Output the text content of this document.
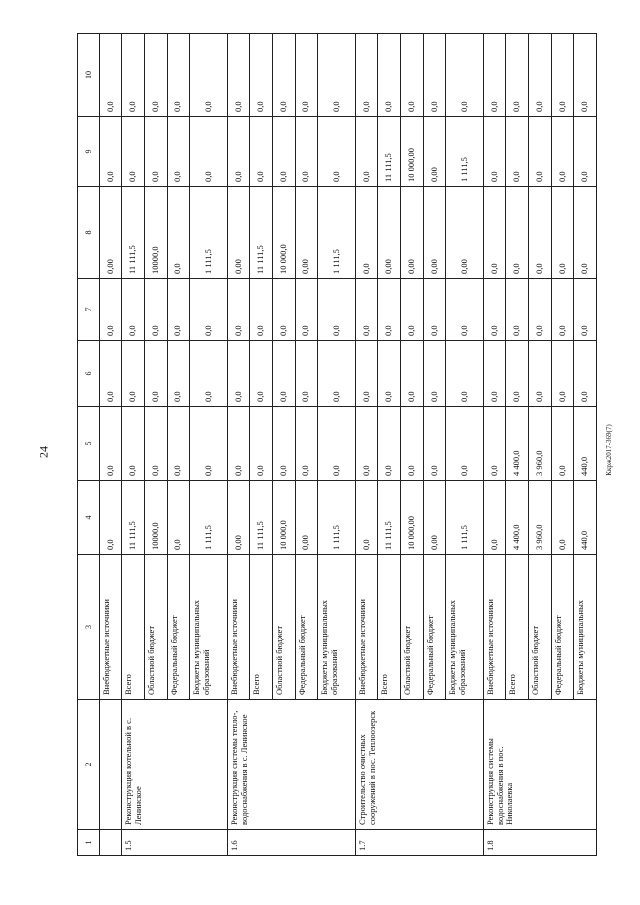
24	Ккрж2017-369(7)
1	2	3	4	5	6	7	8	9	10
		Внебюджетные источники	0,0	0,0	0,0	0,0	0,00	0,0	0,0
1.5	Реконструкция котельной в с. Ленинское	Всего	11 111,5	0,0	0,0	0,0	11 111,5	0,0	0,0
		Областной бюджет	10000,0	0,0	0,0	0,0	10000,0	0,0	0,0
		Федеральный бюджет	0,0	0,0	0,0	0,0	0,0	0,0	0,0
		Бюджеты муниципальных образований	1 111,5	0,0	0,0	0,0	1 111,5	0,0	0,0
1.6	Реконструкция системы тепло-, водоснабжения в с. Ленинское	Внебюджетные источники	0,00	0,0	0,0	0,0	0,00	0,0	0,0
		Всего	11 111,5	0,0	0,0	0,0	11 111,5	0,0	0,0
		Областной бюджет	10 000,0	0,0	0,0	0,0	10 000,0	0,0	0,0
		Федеральный бюджет	0,00	0,0	0,0	0,0	0,00	0,0	0,0
		Бюджеты муниципальных образований	1 111,5	0,0	0,0	0,0	1 111,5	0,0	0,0
1.7	Строительство очистных сооружений в пос. Теплоозерск	Внебюджетные источники	0,0	0,0	0,0	0,0	0,0	0,0	0,0
		Всего	11 111,5	0,0	0,0	0,0	0,00	11 111,5	0,0
		Областной бюджет	10 000,00	0,0	0,0	0,0	0,00	10 000,00	0,0
		Федеральный бюджет	0,00	0,0	0,0	0,0	0,00	0,00	0,0
		Бюджеты муниципальных образований	1 111,5	0,0	0,0	0,0	0,00	1 111,5	0,0
1.8	Реконструкция системы водоснабжения в пос. Николаевка	Внебюджетные источники	0,0	0,0	0,0	0,0	0,0	0,0	0,0
		Всего	4 400,0	4 400,0	0,0	0,0	0,0	0,0	0,0
		Областной бюджет	3 960,0	3 960,0	0,0	0,0	0,0	0,0	0,0
		Федеральный бюджет	0,0	0,0	0,0	0,0	0,0	0,0	0,0
		Бюджеты муниципальных	440,0	440,0	0,0	0,0	0,0	0,0	0,0
